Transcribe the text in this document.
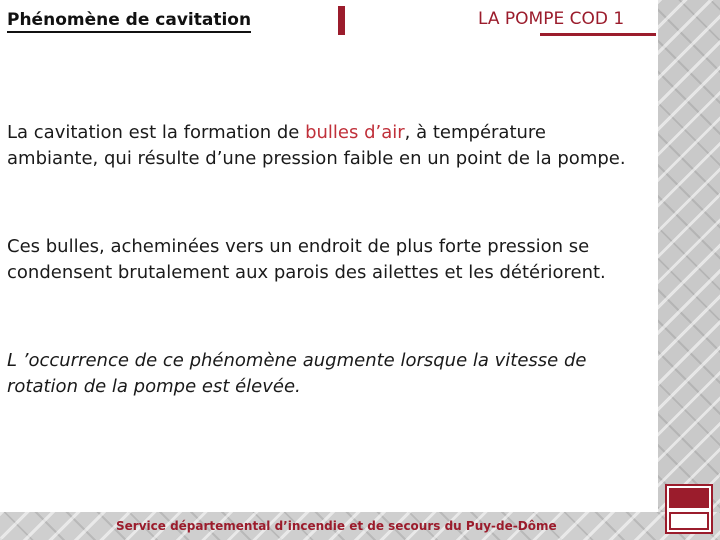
Phénomène de cavitation	LA POMPE COD 1

La cavitation est la formation de bulles d’air, à température ambiante, qui résulte d’une pression faible en un point de la pompe.

Ces bulles, acheminées vers un endroit de plus forte pression se condensent brutalement aux parois des ailettes et les détériorent.

L ’occurrence de ce phénomène augmente lorsque la vitesse de rotation de la pompe est élevée.

Service départemental d’incendie et de secours du Puy-de-Dôme
